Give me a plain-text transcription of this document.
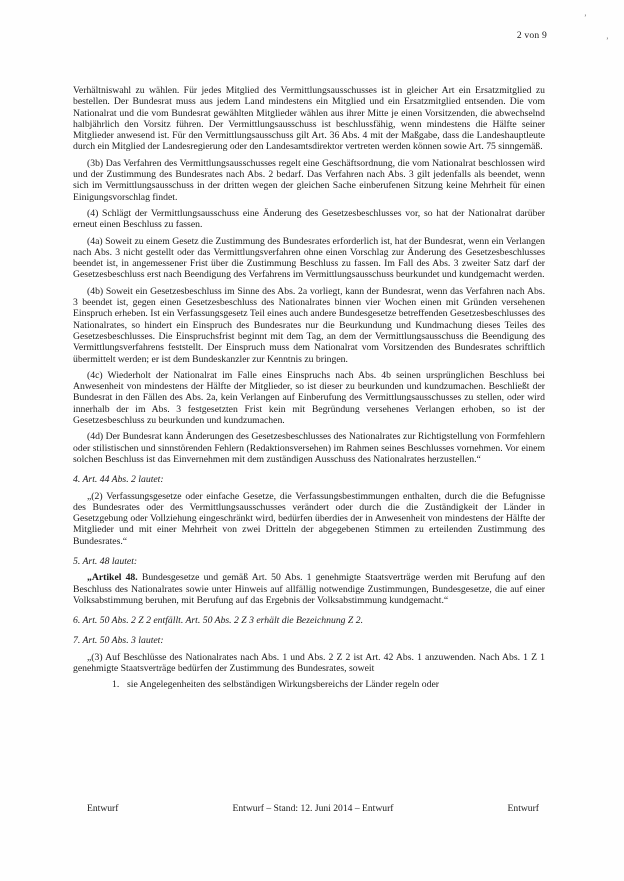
2 von 9
’
’

Verhältniswahl zu wählen. Für jedes Mitglied des Vermittlungsausschusses ist in gleicher Art ein Ersatzmitglied zu bestellen. Der Bundesrat muss aus jedem Land mindestens ein Mitglied und ein Ersatzmitglied entsenden. Die vom Nationalrat und die vom Bundesrat gewählten Mitglieder wählen aus ihrer Mitte je einen Vorsitzenden, die abwechselnd halbjährlich den Vorsitz führen. Der Vermittlungsausschuss ist beschlussfähig, wenn mindestens die Hälfte seiner Mitglieder anwesend ist. Für den Vermittlungsausschuss gilt Art. 36 Abs. 4 mit der Maßgabe, dass die Landeshauptleute durch ein Mitglied der Landesregierung oder den Landesamtsdirektor vertreten werden können sowie Art. 75 sinngemäß.

(3b) Das Verfahren des Vermittlungsausschusses regelt eine Geschäftsordnung, die vom Nationalrat beschlossen wird und der Zustimmung des Bundesrates nach Abs. 2 bedarf. Das Verfahren nach Abs. 3 gilt jedenfalls als beendet, wenn sich im Vermittlungsausschuss in der dritten wegen der gleichen Sache einberufenen Sitzung keine Mehrheit für einen Einigungsvorschlag findet.

(4) Schlägt der Vermittlungsausschuss eine Änderung des Gesetzesbeschlusses vor, so hat der Nationalrat darüber erneut einen Beschluss zu fassen.

(4a) Soweit zu einem Gesetz die Zustimmung des Bundesrates erforderlich ist, hat der Bundesrat, wenn ein Verlangen nach Abs. 3 nicht gestellt oder das Vermittlungsverfahren ohne einen Vorschlag zur Änderung des Gesetzesbeschlusses beendet ist, in angemessener Frist über die Zustimmung Beschluss zu fassen. Im Fall des Abs. 3 zweiter Satz darf der Gesetzesbeschluss erst nach Beendigung des Verfahrens im Vermittlungsausschuss beurkundet und kundgemacht werden.

(4b) Soweit ein Gesetzesbeschluss im Sinne des Abs. 2a vorliegt, kann der Bundesrat, wenn das Verfahren nach Abs. 3 beendet ist, gegen einen Gesetzesbeschluss des Nationalrates binnen vier Wochen einen mit Gründen versehenen Einspruch erheben. Ist ein Verfassungsgesetz Teil eines auch andere Bundesgesetze betreffenden Gesetzesbeschlusses des Nationalrates, so hindert ein Einspruch des Bundesrates nur die Beurkundung und Kundmachung dieses Teiles des Gesetzesbeschlusses. Die Einspruchsfrist beginnt mit dem Tag, an dem der Vermittlungsausschuss die Beendigung des Vermittlungsverfahrens feststellt. Der Einspruch muss dem Nationalrat vom Vorsitzenden des Bundesrates schriftlich übermittelt werden; er ist dem Bundeskanzler zur Kenntnis zu bringen.

(4c) Wiederholt der Nationalrat im Falle eines Einspruchs nach Abs. 4b seinen ursprünglichen Beschluss bei Anwesenheit von mindestens der Hälfte der Mitglieder, so ist dieser zu beurkunden und kundzumachen. Beschließt der Bundesrat in den Fällen des Abs. 2a, kein Verlangen auf Einberufung des Vermittlungsausschusses zu stellen, oder wird innerhalb der im Abs. 3 festgesetzten Frist kein mit Begründung versehenes Verlangen erhoben, so ist der Gesetzesbeschluss zu beurkunden und kundzumachen.

(4d) Der Bundesrat kann Änderungen des Gesetzesbeschlusses des Nationalrates zur Richtigstellung von Formfehlern oder stilistischen und sinnstörenden Fehlern (Redaktionsversehen) im Rahmen seines Beschlusses vornehmen. Vor einem solchen Beschluss ist das Einvernehmen mit dem zuständigen Ausschuss des Nationalrates herzustellen.“

4. Art. 44 Abs. 2 lautet:

„(2) Verfassungsgesetze oder einfache Gesetze, die Verfassungsbestimmungen enthalten, durch die die Befugnisse des Bundesrates oder des Vermittlungsausschusses verändert oder durch die die Zuständigkeit der Länder in Gesetzgebung oder Vollziehung eingeschränkt wird, bedürfen überdies der in Anwesenheit von mindestens der Hälfte der Mitglieder und mit einer Mehrheit von zwei Dritteln der abgegebenen Stimmen zu erteilenden Zustimmung des Bundesrates.“

5. Art. 48 lautet:

„Artikel 48. Bundesgesetze und gemäß Art. 50 Abs. 1 genehmigte Staatsverträge werden mit Berufung auf den Beschluss des Nationalrates sowie unter Hinweis auf allfällig notwendige Zustimmungen, Bundesgesetze, die auf einer Volksabstimmung beruhen, mit Berufung auf das Ergebnis der Volksabstimmung kundgemacht.“

6. Art. 50 Abs. 2 Z 2 entfällt. Art. 50 Abs. 2 Z 3 erhält die Bezeichnung Z 2.

7. Art. 50 Abs. 3 lautet:

„(3) Auf Beschlüsse des Nationalrates nach Abs. 1 und Abs. 2 Z 2 ist Art. 42 Abs. 1 anzuwenden. Nach Abs. 1 Z 1 genehmigte Staatsverträge bedürfen der Zustimmung des Bundesrates, soweit

1. sie Angelegenheiten des selbständigen Wirkungsbereichs der Länder regeln oder
Entwurf	Entwurf – Stand: 12. Juni 2014 – Entwurf	Entwurf
